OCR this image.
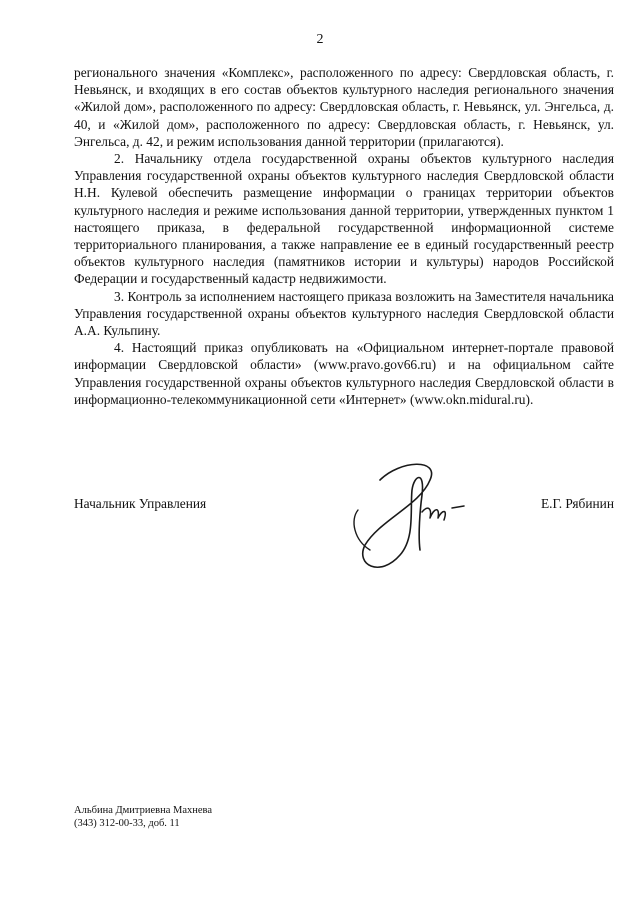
2

регионального значения «Комплекс», расположенного по адресу: Свердловская область, г. Невьянск, и входящих в его состав объектов культурного наследия регионального значения «Жилой дом», расположенного по адресу: Свердловская область, г. Невьянск, ул. Энгельса, д. 40, и «Жилой дом», расположенного по адресу: Свердловская область, г. Невьянск, ул. Энгельса, д. 42, и режим использования данной территории (прилагаются).

2. Начальнику отдела государственной охраны объектов культурного наследия Управления государственной охраны объектов культурного наследия Свердловской области Н.Н. Кулевой обеспечить размещение информации о границах территории объектов культурного наследия и режиме использования данной территории, утвержденных пунктом 1 настоящего приказа, в федеральной государственной информационной системе территориального планирования, а также направление ее в единый государственный реестр объектов культурного наследия (памятников истории и культуры) народов Российской Федерации и государственный кадастр недвижимости.

3. Контроль за исполнением настоящего приказа возложить на Заместителя начальника Управления государственной охраны объектов культурного наследия Свердловской области А.А. Кульпину.

4. Настоящий приказ опубликовать на «Официальном интернет-портале правовой информации Свердловской области» (www.pravo.gov66.ru) и на официальном сайте Управления государственной охраны объектов культурного наследия Свердловской области в информационно-телекоммуникационной сети «Интернет» (www.okn.midural.ru).

Начальник Управления	Е.Г. Рябинин
Альбина Дмитриевна Махнева
(343) 312-00-33, доб. 11
